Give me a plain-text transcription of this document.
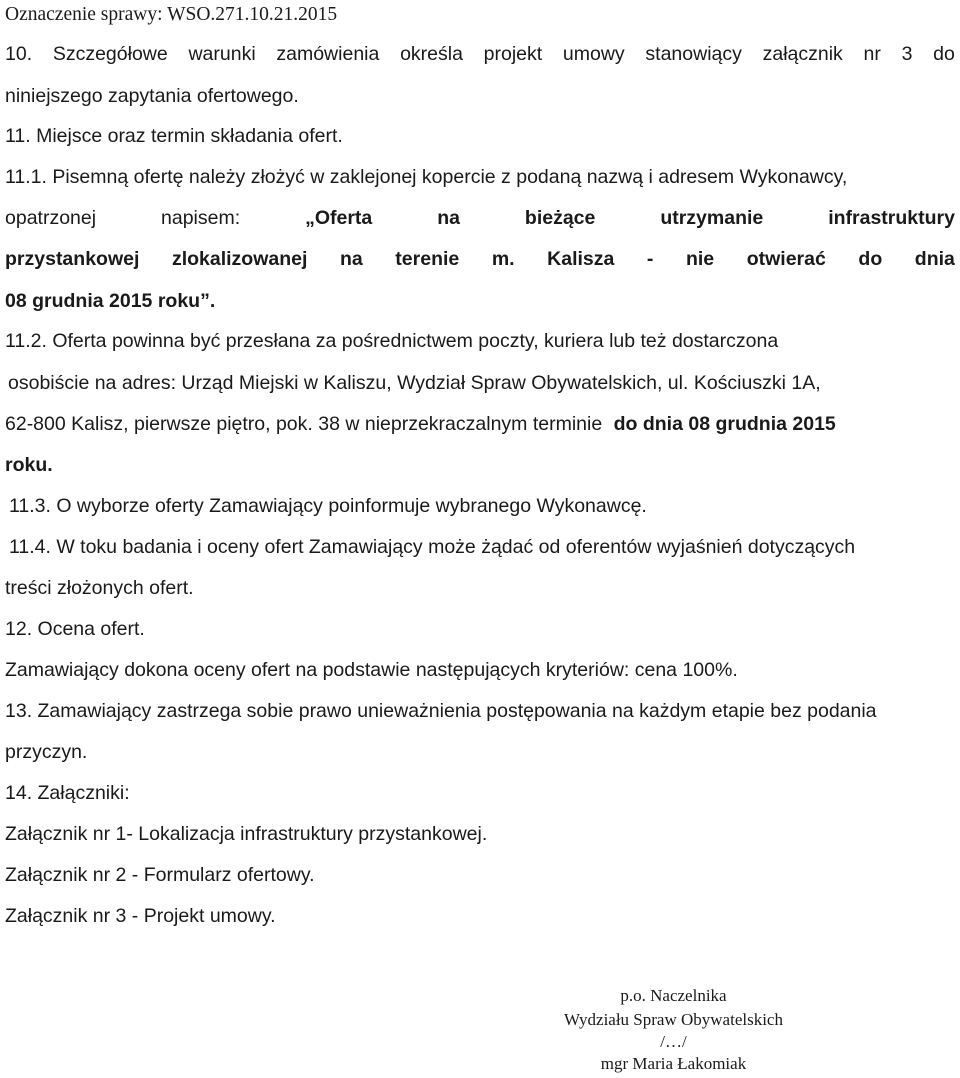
Oznaczenie sprawy: WSO.271.10.21.2015

10. Szczegółowe warunki zamówienia określa projekt umowy stanowiący załącznik nr 3 do

niniejszego zapytania ofertowego.

11. Miejsce oraz termin składania ofert.

11.1. Pisemną ofertę należy złożyć w zaklejonej kopercie z podaną nazwą i adresem Wykonawcy,

opatrzonej	napisem:	„Oferta	na	bieżące	utrzymanie	infrastruktury

przystankowej zlokalizowanej na terenie m. Kalisza - nie otwierać do dnia

08 grudnia 2015 roku”.

11.2. Oferta powinna być przesłana za pośrednictwem poczty, kuriera lub też dostarczona

osobiście na adres: Urząd Miejski w Kaliszu, Wydział Spraw Obywatelskich, ul. Kościuszki 1A,

62-800 Kalisz, pierwsze piętro, pok. 38 w nieprzekraczalnym terminie do dnia 08 grudnia 2015

roku.

11.3. O wyborze oferty Zamawiający poinformuje wybranego Wykonawcę.

11.4. W toku badania i oceny ofert Zamawiający może żądać od oferentów wyjaśnień dotyczących

treści złożonych ofert.

12. Ocena ofert.

Zamawiający dokona oceny ofert na podstawie następujących kryteriów: cena 100%.

13. Zamawiający zastrzega sobie prawo unieważnienia postępowania na każdym etapie bez podania

przyczyn.

14. Załączniki:

Załącznik nr 1- Lokalizacja infrastruktury przystankowej.

Załącznik nr 2 - Formularz ofertowy.

Załącznik nr 3 - Projekt umowy.

p.o. Naczelnika
Wydziału Spraw Obywatelskich
/…/
mgr Maria Łakomiak
